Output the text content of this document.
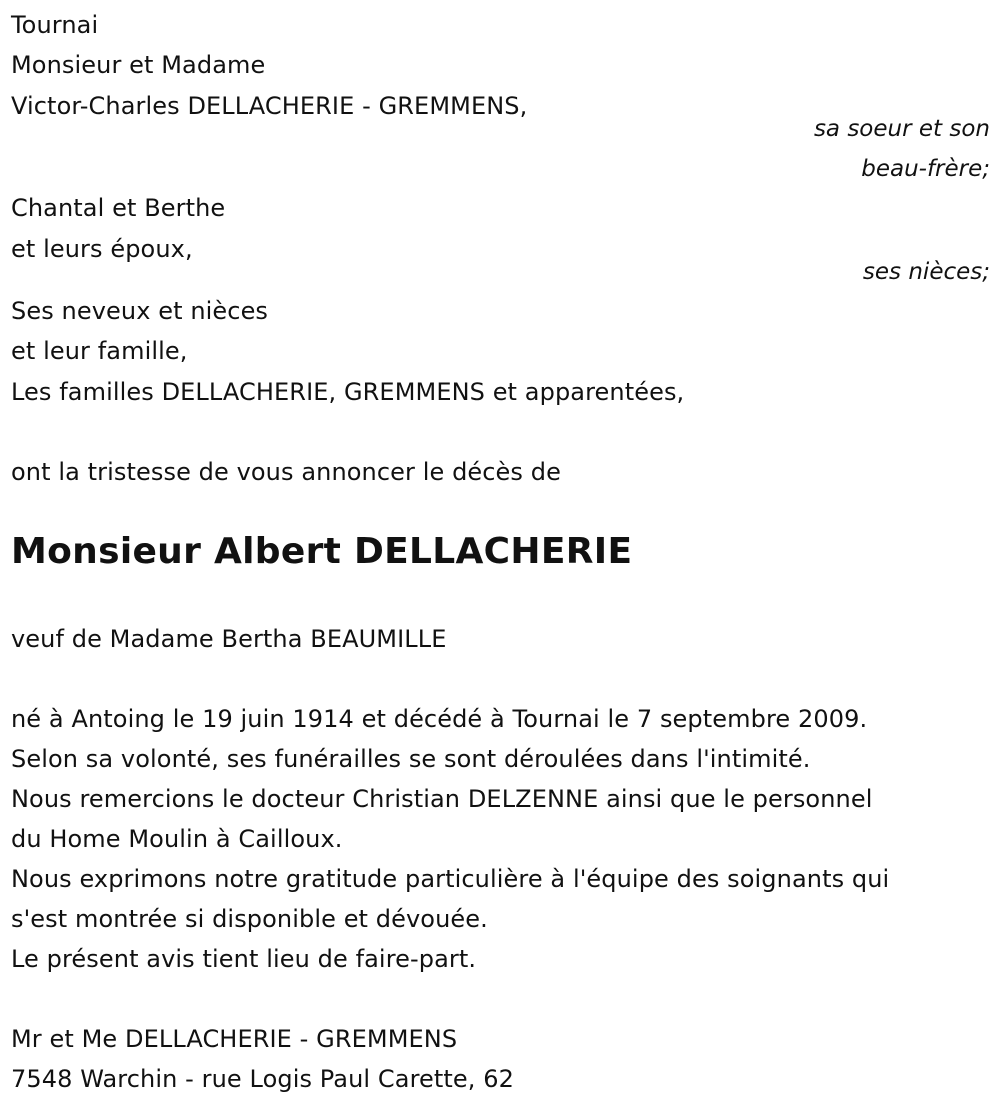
Tournai
Monsieur et Madame
Victor-Charles DELLACHERIE - GREMMENS,
sa soeur et son
beau-frère;
Chantal et Berthe
et leurs époux,
ses nièces;
Ses neveux et nièces
et leur famille,
Les familles DELLACHERIE, GREMMENS et apparentées,
ont la tristesse de vous annoncer le décès de
Monsieur Albert DELLACHERIE
veuf de Madame Bertha BEAUMILLE
né à Antoing le 19 juin 1914 et décédé à Tournai le 7 septembre 2009.
Selon sa volonté, ses funérailles se sont déroulées dans l'intimité.
Nous remercions le docteur Christian DELZENNE ainsi que le personnel
du Home Moulin à Cailloux.
Nous exprimons notre gratitude particulière à l'équipe des soignants qui
s'est montrée si disponible et dévouée.
Le présent avis tient lieu de faire-part.
Mr et Me DELLACHERIE - GREMMENS
7548 Warchin - rue Logis Paul Carette, 62
